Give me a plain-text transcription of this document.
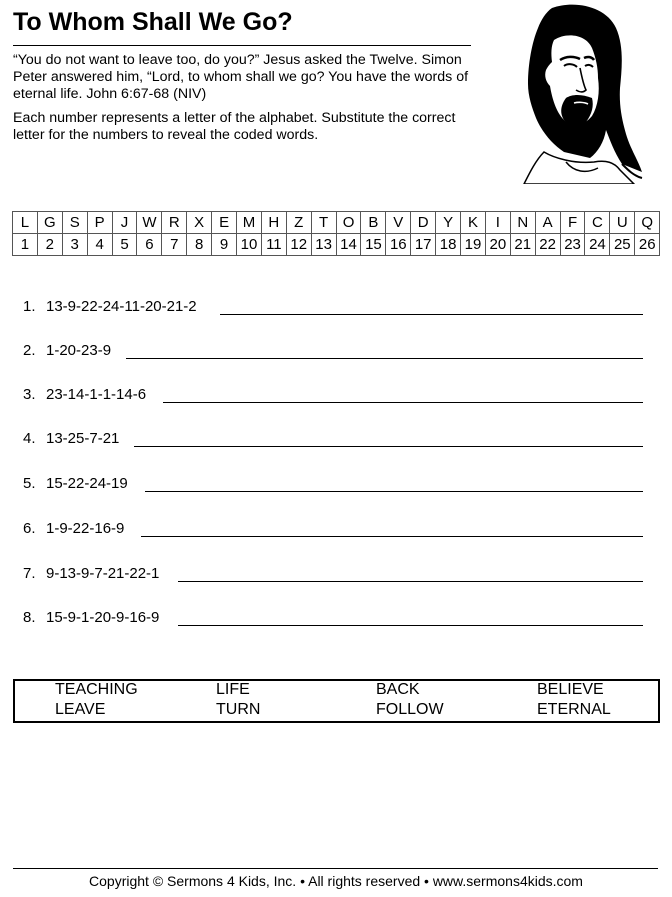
To Whom Shall We Go?

“You do not want to leave too, do you?” Jesus asked the Twelve. Simon Peter answered him, “Lord, to whom shall we go? You have the words of eternal life. John 6:67-68 (NIV)

Each number represents a letter of the alphabet. Substitute the correct letter for the numbers to reveal the coded words.

L	G	S	P	J	W	R	X	E	M	H	Z	T	O	B	V	D	Y	K	I	N	A	F	C	U	Q
1	2	3	4	5	6	7	8	9	10	11	12	13	14	15	16	17	18	19	20	21	22	23	24	25	26
1. 13-9-22-24-11-20-21-2
2. 1-20-23-9
3. 23-14-1-1-14-6
4. 13-25-7-21
5. 15-22-24-19
6. 1-9-22-16-9
7. 9-13-9-7-21-22-1
8. 15-9-1-20-9-16-9
TEACHING	LIFE	BACK	BELIEVE
LEAVE	TURN	FOLLOW	ETERNAL
Copyright © Sermons 4 Kids, Inc. • All rights reserved • www.sermons4kids.com
